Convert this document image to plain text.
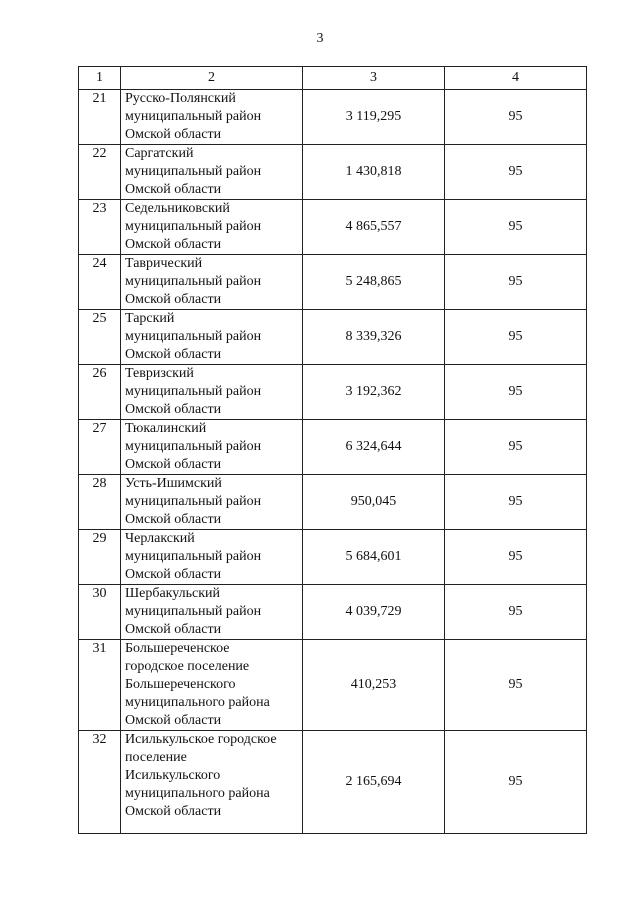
3
1	2	3	4
21	Русско-Полянский
муниципальный район
Омской области	3 119,295	95
22	Саргатский
муниципальный район
Омской области	1 430,818	95
23	Седельниковский
муниципальный район
Омской области	4 865,557	95
24	Таврический
муниципальный район
Омской области	5 248,865	95
25	Тарский
муниципальный район
Омской области	8 339,326	95
26	Тевризский
муниципальный район
Омской области	3 192,362	95
27	Тюкалинский
муниципальный район
Омской области	6 324,644	95
28	Усть-Ишимский
муниципальный район
Омской области	950,045	95
29	Черлакский
муниципальный район
Омской области	5 684,601	95
30	Шербакульский
муниципальный район
Омской области	4 039,729	95
31	Большереченское
городское поселение
Большереченского
муниципального района
Омской области	410,253	95
32	Исилькульское городское
поселение
Исилькульского
муниципального района
Омской области	2 165,694	95
